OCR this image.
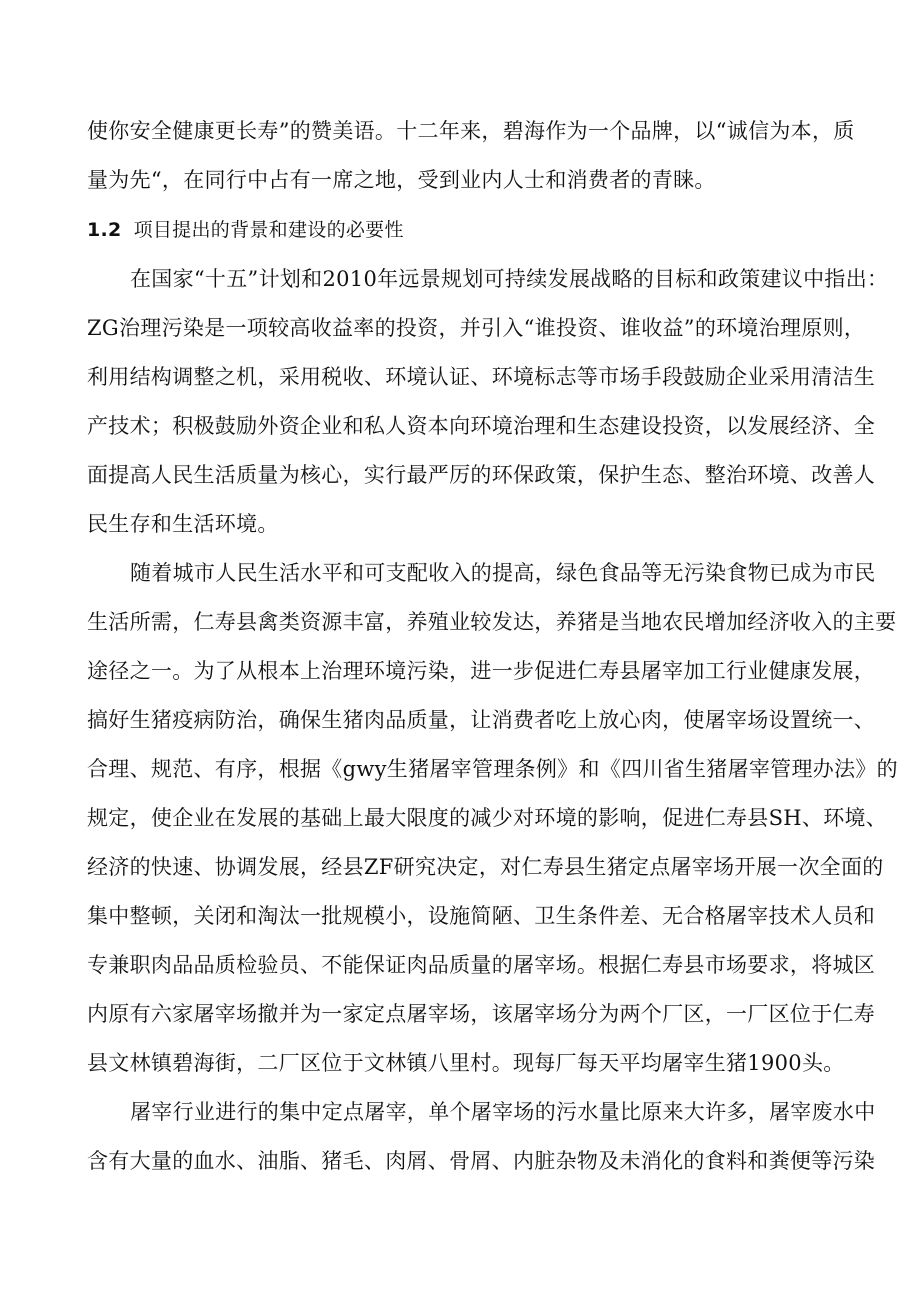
使你安全健康更长寿”的赞美语。十二年来，碧海作为一个品牌，以“诚信为本，质
量为先“，在同行中占有一席之地，受到业内人士和消费者的青睐。
1.2 项目提出的背景和建设的必要性
在国家“十五”计划和2010年远景规划可持续发展战略的目标和政策建议中指出：
ZG治理污染是一项较高收益率的投资，并引入“谁投资、谁收益”的环境治理原则，
利用结构调整之机，采用税收、环境认证、环境标志等市场手段鼓励企业采用清洁生
产技术；积极鼓励外资企业和私人资本向环境治理和生态建设投资，以发展经济、全
面提高人民生活质量为核心，实行最严厉的环保政策，保护生态、整治环境、改善人
民生存和生活环境。
随着城市人民生活水平和可支配收入的提高，绿色食品等无污染食物已成为市民
生活所需，仁寿县禽类资源丰富，养殖业较发达，养猪是当地农民增加经济收入的主要
途径之一。为了从根本上治理环境污染，进一步促进仁寿县屠宰加工行业健康发展，
搞好生猪疫病防治，确保生猪肉品质量，让消费者吃上放心肉，使屠宰场设置统一、
合理、规范、有序，根据《gwy生猪屠宰管理条例》和《四川省生猪屠宰管理办法》的
规定，使企业在发展的基础上最大限度的减少对环境的影响，促进仁寿县SH、环境、
经济的快速、协调发展，经县ZF研究决定，对仁寿县生猪定点屠宰场开展一次全面的
集中整顿，关闭和淘汰一批规模小，设施简陋、卫生条件差、无合格屠宰技术人员和
专兼职肉品品质检验员、不能保证肉品质量的屠宰场。根据仁寿县市场要求，将城区
内原有六家屠宰场撤并为一家定点屠宰场，该屠宰场分为两个厂区，一厂区位于仁寿
县文林镇碧海街，二厂区位于文林镇八里村。现每厂每天平均屠宰生猪1900头。
屠宰行业进行的集中定点屠宰，单个屠宰场的污水量比原来大许多，屠宰废水中
含有大量的血水、油脂、猪毛、肉屑、骨屑、内脏杂物及未消化的食料和粪便等污染
